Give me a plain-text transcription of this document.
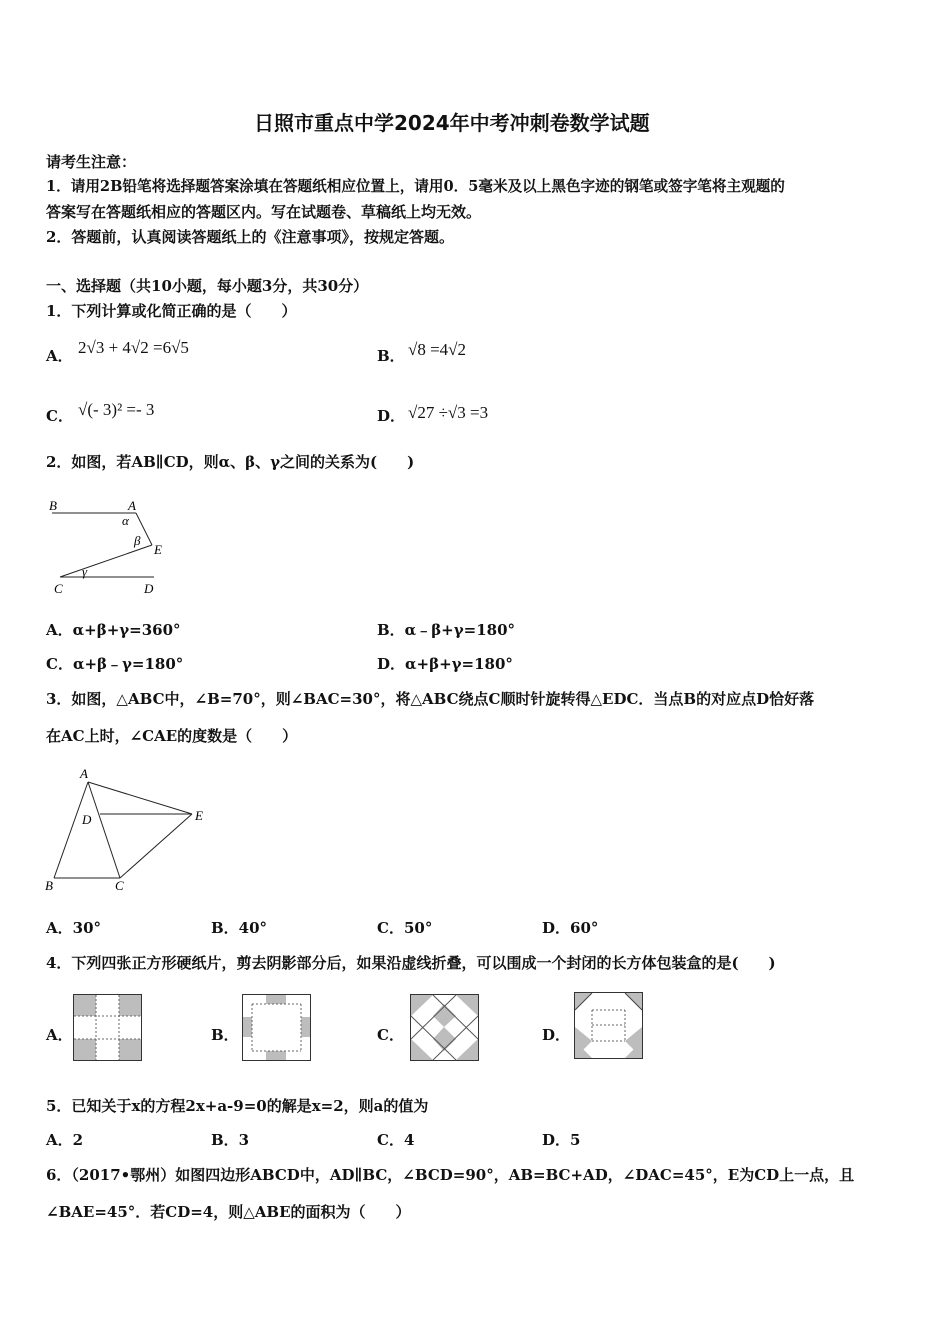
日照市重点中学2024年中考冲刺卷数学试题
请考生注意：
1．请用2B铅笔将选择题答案涂填在答题纸相应位置上，请用0．5毫米及以上黑色字迹的钢笔或签字笔将主观题的
答案写在答题纸相应的答题区内。写在试题卷、草稿纸上均无效。
2．答题前，认真阅读答题纸上的《注意事项》，按规定答题。
一、选择题（共10小题，每小题3分，共30分）
1．下列计算或化简正确的是（　　）
A． 2√3 + 4√2 =6√5	B． √8 =4√2
C． √(- 3)² =- 3	D． √27 ÷√3 =3
2．如图，若AB∥CD，则α、β、γ之间的关系为(　　)
B	A
α
β
E
γ
C	D
A．α+β+γ=360°	B．α﹣β+γ=180°
C．α+β﹣γ=180°	D．α+β+γ=180°
3．如图，△ABC中，∠B=70°，则∠BAC=30°，将△ABC绕点C顺时针旋转得△EDC．当点B的对应点D恰好落
在AC上时，∠CAE的度数是（　　）
A
D	E
B	C
A．30°	B．40°	C．50°	D．60°
4．下列四张正方形硬纸片，剪去阴影部分后，如果沿虚线折叠，可以围成一个封闭的长方体包装盒的是(　　)
A．	B．	C．	D．
5．已知关于x的方程2x+a-9=0的解是x=2，则a的值为
A．2	B．3	C．4	D．5
6．（2017•鄂州）如图四边形ABCD中，AD∥BC，∠BCD=90°，AB=BC+AD，∠DAC=45°，E为CD上一点，且
∠BAE=45°．若CD=4，则△ABE的面积为（　　）
